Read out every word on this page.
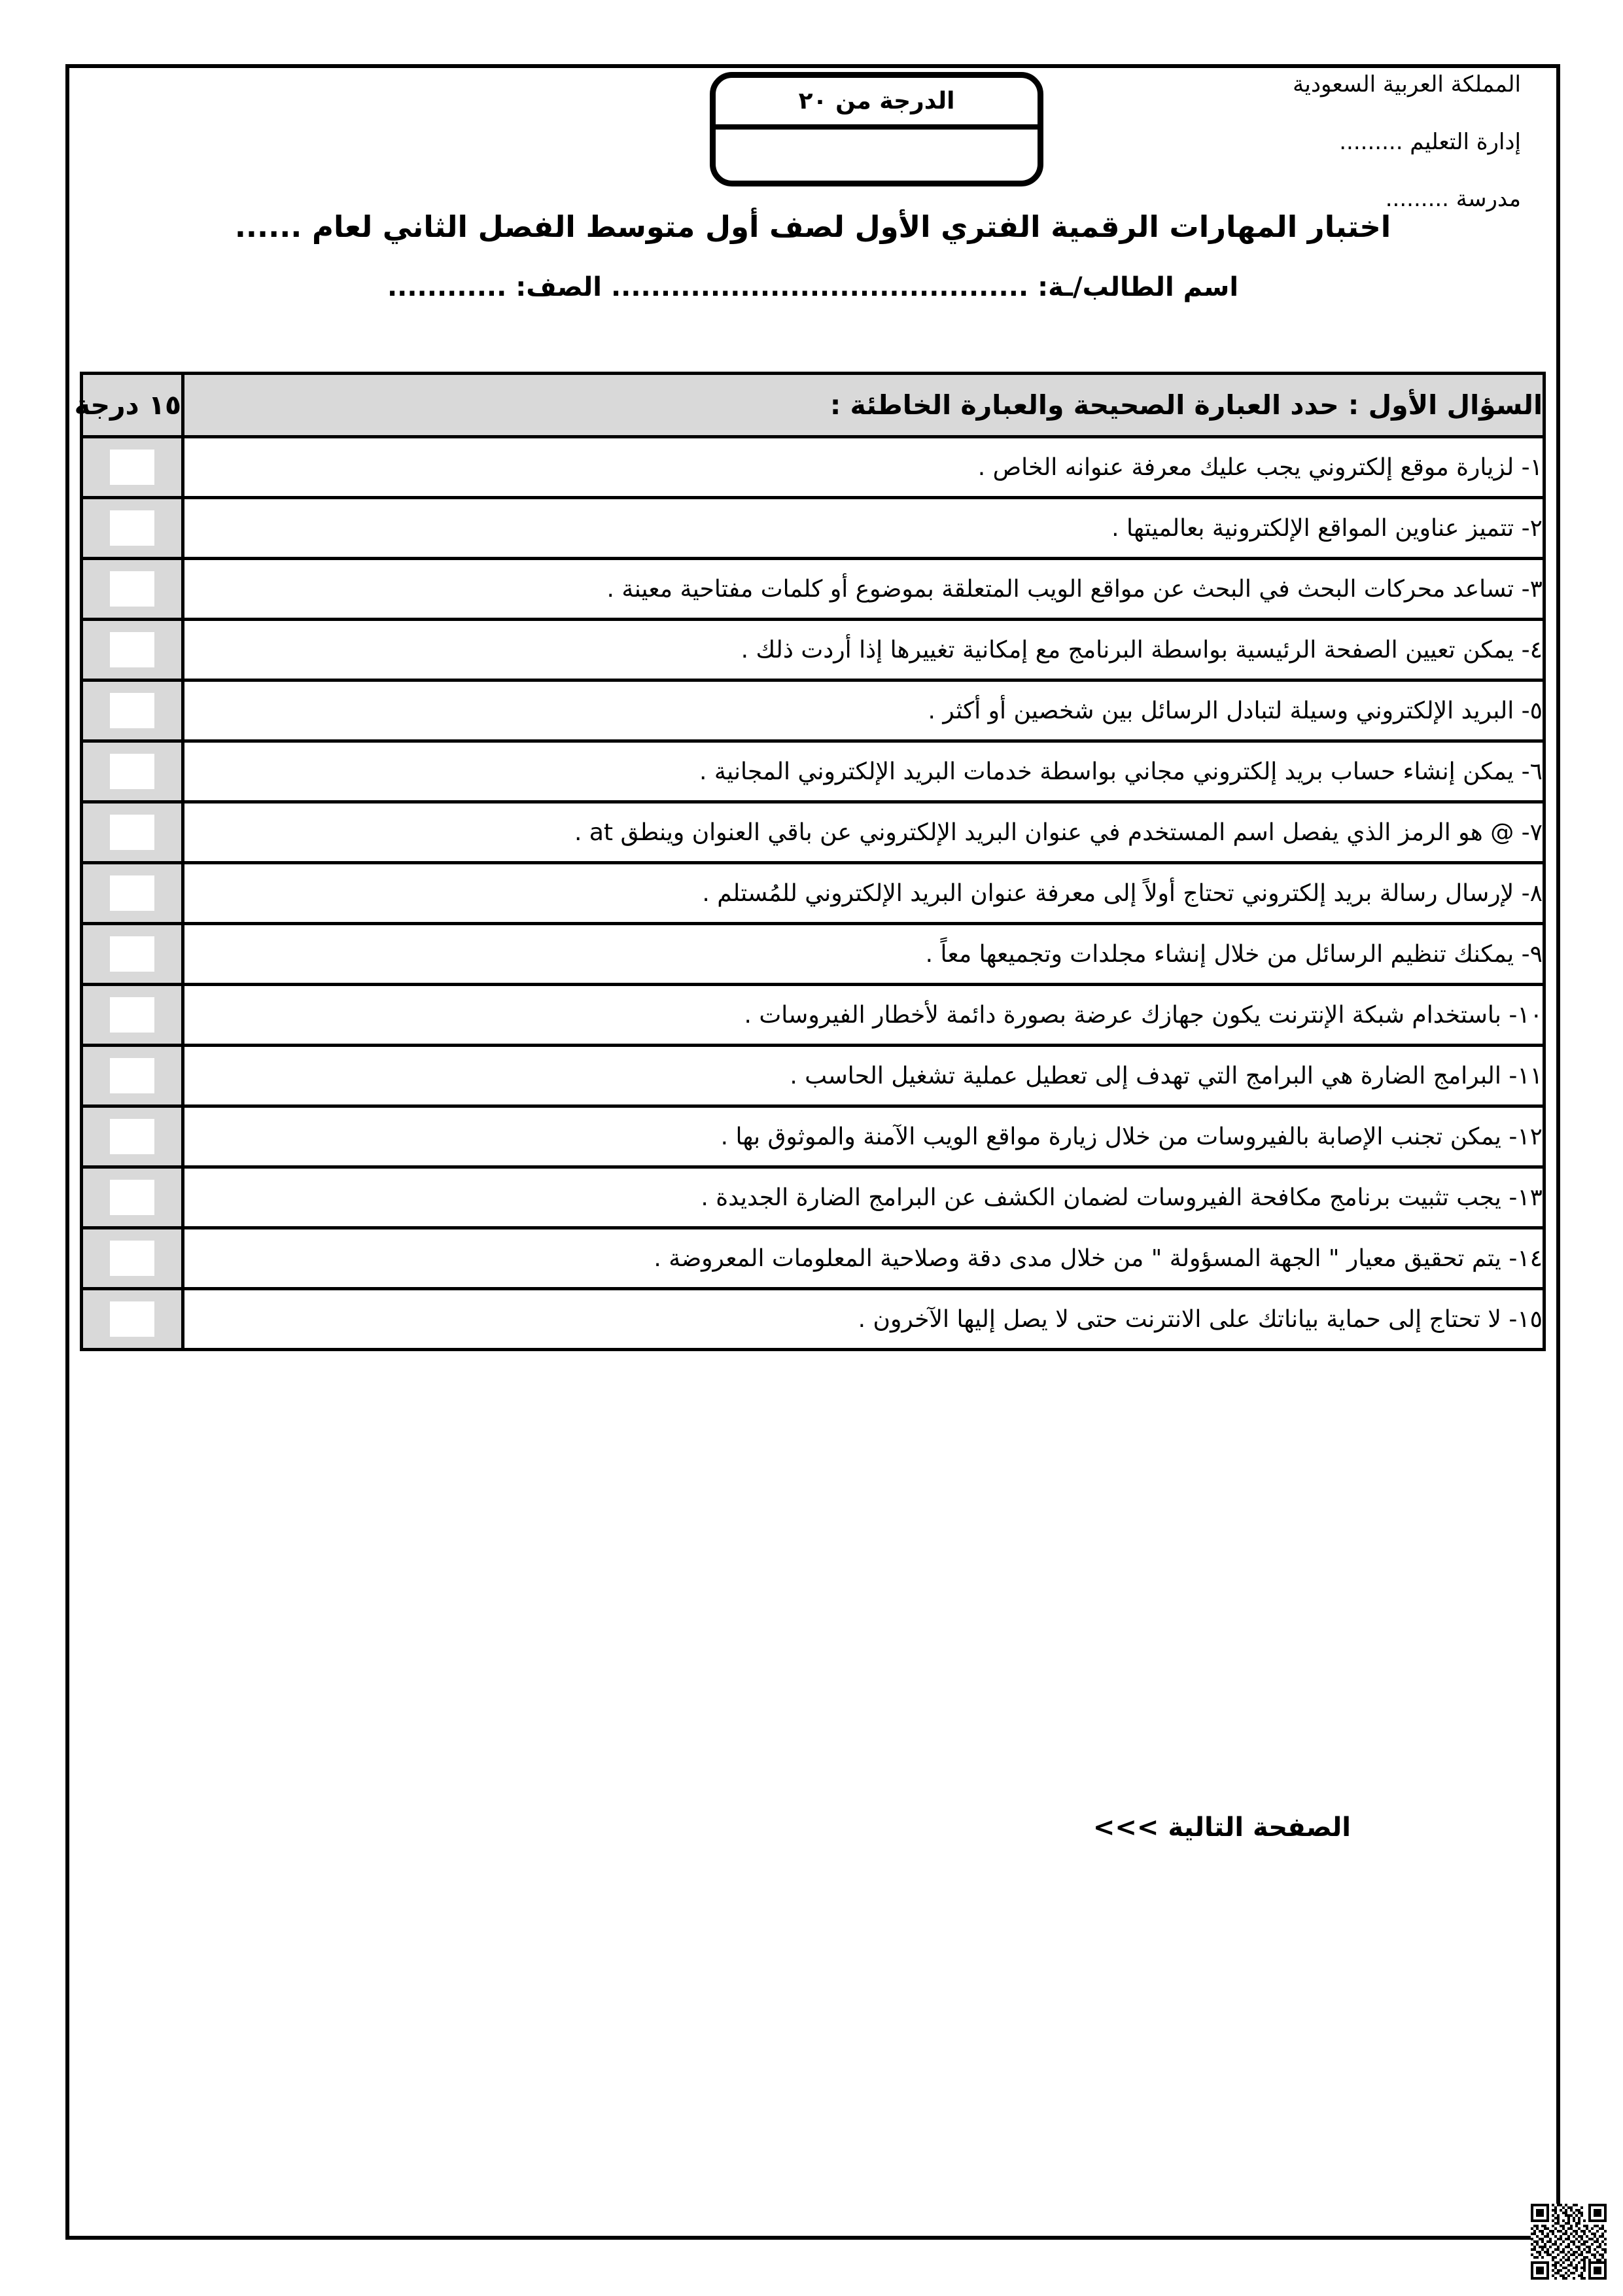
المملكة العربية السعودية
إدارة التعليم .........
مدرسة .........
الدرجة من ٢٠
اختبار المهارات الرقمية الفتري الأول لصف أول متوسط الفصل الثاني لعام ......
اسم الطالب/ـة: .......................................... الصف: ............
السؤال الأول : حدد العبارة الصحيحة والعبارة الخاطئة :	١٥ درجة
١- لزيارة موقع إلكتروني يجب عليك معرفة عنوانه الخاص .	

٢- تتميز عناوين المواقع الإلكترونية بعالميتها .	

٣- تساعد محركات البحث في البحث عن مواقع الويب المتعلقة بموضوع أو كلمات مفتاحية معينة .	

٤- يمكن تعيين الصفحة الرئيسية بواسطة البرنامج مع إمكانية تغييرها إذا أردت ذلك .	

٥- البريد الإلكتروني وسيلة لتبادل الرسائل بين شخصين أو أكثر .	

٦- يمكن إنشاء حساب بريد إلكتروني مجاني بواسطة خدمات البريد الإلكتروني المجانية .	

٧- @ هو الرمز الذي يفصل اسم المستخدم في عنوان البريد الإلكتروني عن باقي العنوان وينطق at .	

٨- لإرسال رسالة بريد إلكتروني تحتاج أولاً إلى معرفة عنوان البريد الإلكتروني للمُستلم .	

٩- يمكنك تنظيم الرسائل من خلال إنشاء مجلدات وتجميعها معاً .	

١٠- باستخدام شبكة الإنترنت يكون جهازك عرضة بصورة دائمة لأخطار الفيروسات .	

١١- البرامج الضارة هي البرامج التي تهدف إلى تعطيل عملية تشغيل الحاسب .	

١٢- يمكن تجنب الإصابة بالفيروسات من خلال زيارة مواقع الويب الآمنة والموثوق بها .	

١٣- يجب تثبيت برنامج مكافحة الفيروسات لضمان الكشف عن البرامج الضارة الجديدة .	

١٤- يتم تحقيق معيار " الجهة المسؤولة " من خلال مدى دقة وصلاحية المعلومات المعروضة .	

١٥- لا تحتاج إلى حماية بياناتك على الانترنت حتى لا يصل إليها الآخرون .	
الصفحة التالية >>>
